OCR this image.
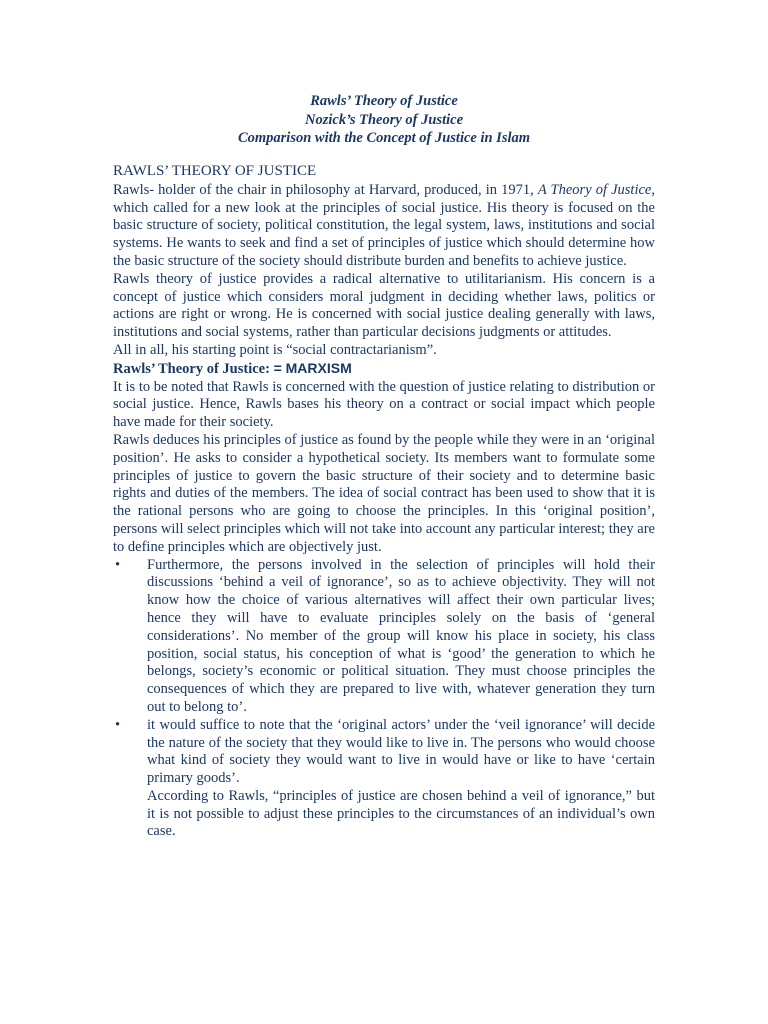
Rawls’ Theory of Justice
Nozick’s Theory of Justice
Comparison with the Concept of Justice in Islam

RAWLS’ THEORY OF JUSTICE

Rawls- holder of the chair in philosophy at Harvard, produced, in 1971, A Theory of Justice, which called for a new look at the principles of social justice. His theory is focused on the basic structure of society, political constitution, the legal system, laws, institutions and social systems. He wants to seek and find a set of principles of justice which should determine how the basic structure of the society should distribute burden and benefits to achieve justice.

Rawls theory of justice provides a radical alternative to utilitarianism. His concern is a concept of justice which considers moral judgment in deciding whether laws, politics or actions are right or wrong. He is concerned with social justice dealing generally with laws, institutions and social systems, rather than particular decisions judgments or attitudes.

All in all, his starting point is “social contractarianism”.

Rawls’ Theory of Justice: = MARXISM

It is to be noted that Rawls is concerned with the question of justice relating to distribution or social justice. Hence, Rawls bases his theory on a contract or social impact which people have made for their society.

Rawls deduces his principles of justice as found by the people while they were in an ‘original position’. He asks to consider a hypothetical society. Its members want to formulate some principles of justice to govern the basic structure of their society and to determine basic rights and duties of the members. The idea of social contract has been used to show that it is the rational persons who are going to choose the principles. In this ‘original position’, persons will select principles which will not take into account any particular interest; they are to define principles which are objectively just.

• Furthermore, the persons involved in the selection of principles will hold their discussions ‘behind a veil of ignorance’, so as to achieve objectivity. They will not know how the choice of various alternatives will affect their own particular lives; hence they will have to evaluate principles solely on the basis of ‘general considerations’. No member of the group will know his place in society, his class position, social status, his conception of what is ‘good’ the generation to which he belongs, society’s economic or political situation. They must choose principles the consequences of which they are prepared to live with, whatever generation they turn out to belong to’.

• it would suffice to note that the ‘original actors’ under the ‘veil ignorance’ will decide the nature of the society that they would like to live in. The persons who would choose what kind of society they would want to live in would have or like to have ‘certain primary goods’.

According to Rawls, “principles of justice are chosen behind a veil of ignorance,” but it is not possible to adjust these principles to the circumstances of an individual’s own case.
